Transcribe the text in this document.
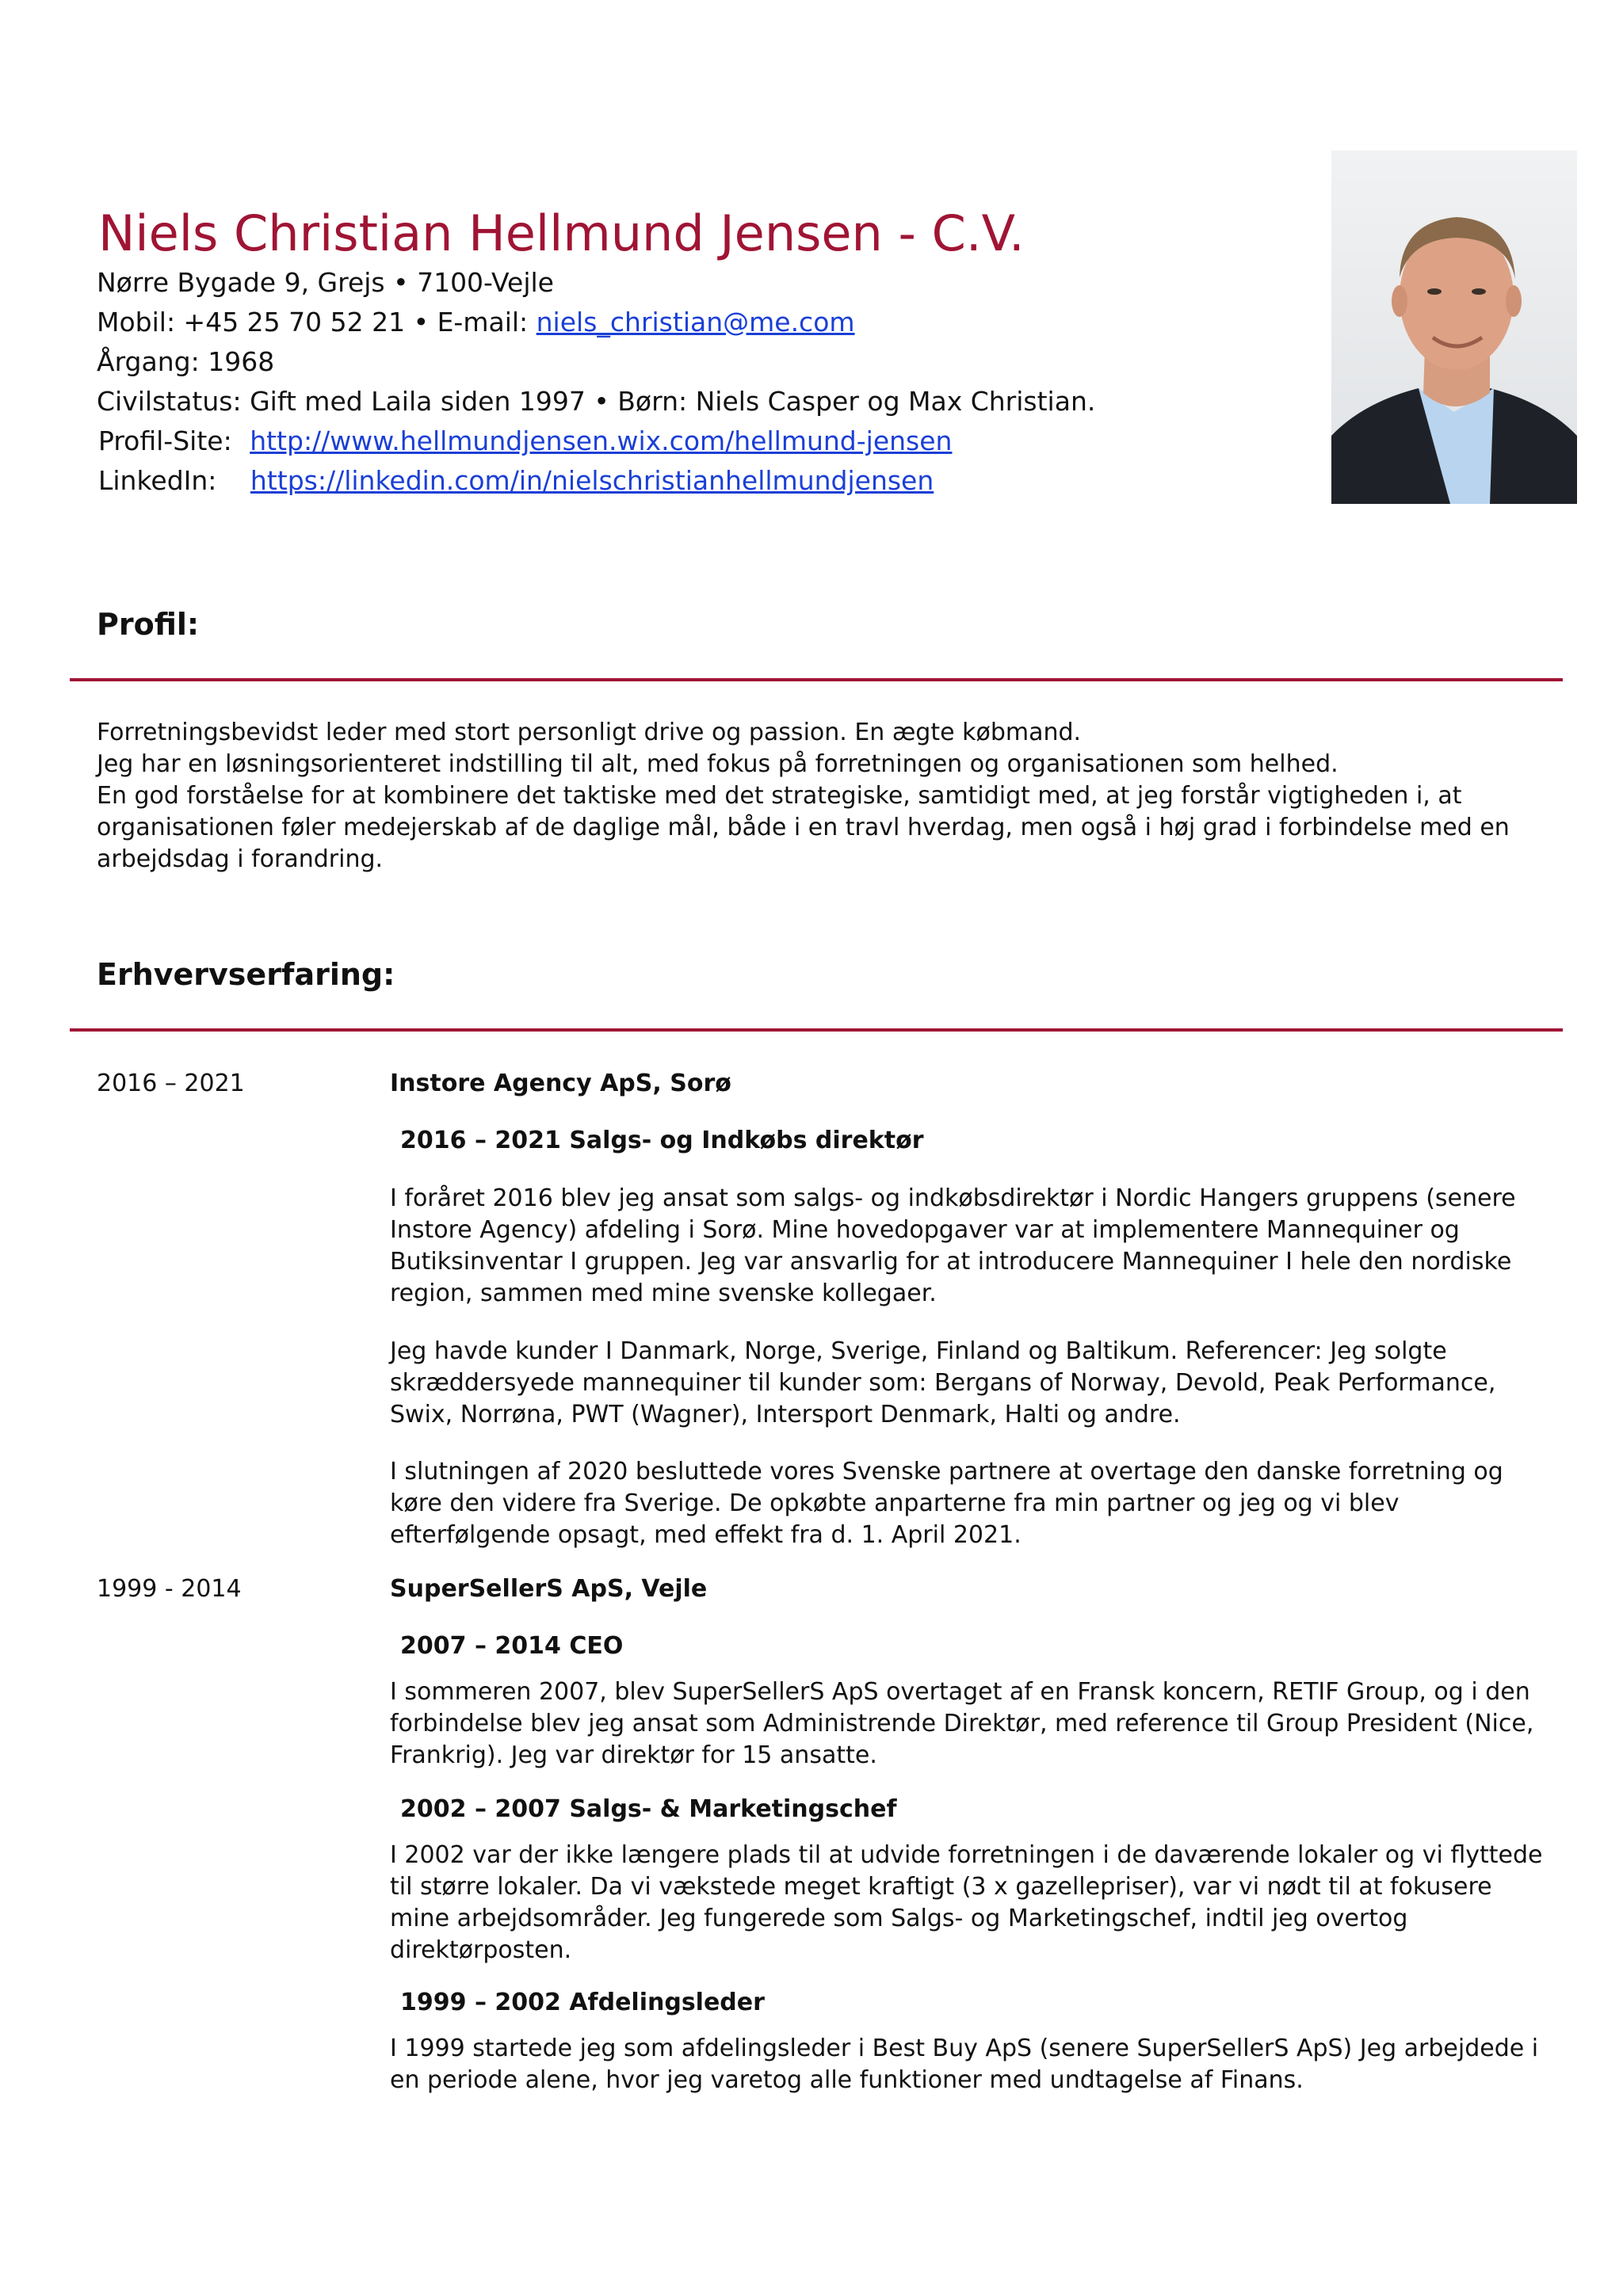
Niels Christian Hellmund Jensen - C.V.
Nørre Bygade 9, Grejs • 7100-Vejle
Mobil: +45 25 70 52 21 • E-mail: niels_christian@me.com
Årgang: 1968
Civilstatus: Gift med Laila siden 1997 • Børn: Niels Casper og Max Christian.
Profil-Site: http://www.hellmundjensen.wix.com/hellmund-jensen
LinkedIn: https://linkedin.com/in/nielschristianhellmundjensen
Profil:

Forretningsbevidst leder med stort personligt drive og passion. En ægte købmand.

Jeg har en løsningsorienteret indstilling til alt, med fokus på forretningen og organisationen som helhed.

En god forståelse for at kombinere det taktiske med det strategiske, samtidigt med, at jeg forstår vigtigheden i, at organisationen føler medejerskab af de daglige mål, både i en travl hverdag, men også i høj grad i forbindelse med en arbejdsdag i forandring.

Erhvervserfaring:
2016 – 2021	Instore Agency ApS, Sorø
2016 – 2021 Salgs- og Indkøbs direktør
I foråret 2016 blev jeg ansat som salgs- og indkøbsdirektør i Nordic Hangers gruppens (senere Instore Agency) afdeling i Sorø. Mine hovedopgaver var at implementere Mannequiner og Butiksinventar I gruppen. Jeg var ansvarlig for at introducere Mannequiner I hele den nordiske region, sammen med mine svenske kollegaer.
Jeg havde kunder I Danmark, Norge, Sverige, Finland og Baltikum. Referencer: Jeg solgte skræddersyede mannequiner til kunder som: Bergans of Norway, Devold, Peak Performance, Swix, Norrøna, PWT (Wagner), Intersport Denmark, Halti og andre.
I slutningen af 2020 besluttede vores Svenske partnere at overtage den danske forretning og køre den videre fra Sverige. De opkøbte anparterne fra min partner og jeg og vi blev efterfølgende opsagt, med effekt fra d. 1. April 2021.
1999 - 2014	SuperSellerS ApS, Vejle
2007 – 2014 CEO
I sommeren 2007, blev SuperSellerS ApS overtaget af en Fransk koncern, RETIF Group, og i den forbindelse blev jeg ansat som Administrende Direktør, med reference til Group President (Nice, Frankrig). Jeg var direktør for 15 ansatte.
2002 – 2007 Salgs- & Marketingschef
I 2002 var der ikke længere plads til at udvide forretningen i de daværende lokaler og vi flyttede til større lokaler. Da vi vækstede meget kraftigt (3 x gazellepriser), var vi nødt til at fokusere mine arbejdsområder. Jeg fungerede som Salgs- og Marketingschef, indtil jeg overtog direktørposten.
1999 – 2002 Afdelingsleder
I 1999 startede jeg som afdelingsleder i Best Buy ApS (senere SuperSellerS ApS) Jeg arbejdede i en periode alene, hvor jeg varetog alle funktioner med undtagelse af Finans.
